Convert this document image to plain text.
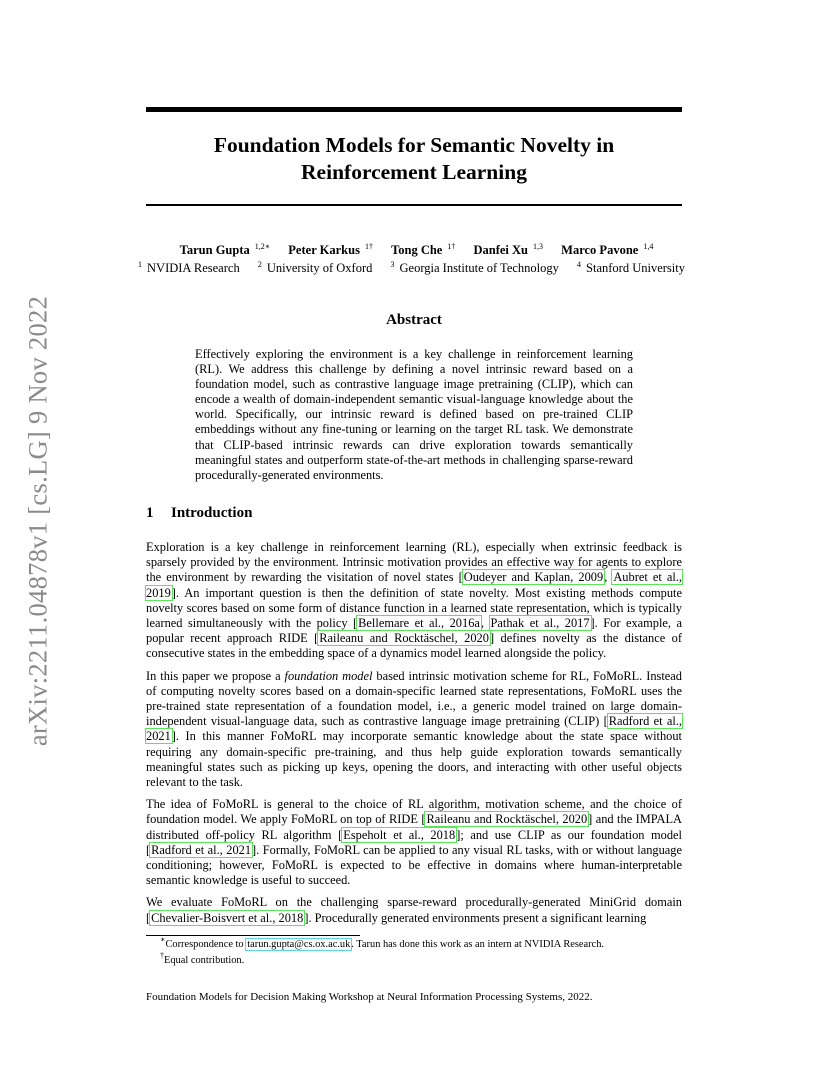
arXiv:2211.04878v1 [cs.LG] 9 Nov 2022
Foundation Models for Semantic Novelty in Reinforcement Learning
Tarun Gupta $^{1,2∗}$ Peter Karkus $^{1\dagger}$ Tong Che $^{1\dagger}$ Danfei Xu $^{1,3}$ Marco Pavone $^{1,4}$
$^1$ NVIDIA Research $^2$ University of Oxford $^3$ Georgia Institute of Technology $^4$ Stanford University
Abstract
Effectively exploring the environment is a key challenge in reinforcement learning (RL). We address this challenge by defining a novel intrinsic reward based on a foundation model, such as contrastive language image pretraining (CLIP), which can encode a wealth of domain-independent semantic visual-language knowledge about the world. Specifically, our intrinsic reward is defined based on pre-trained CLIP embeddings without any fine-tuning or learning on the target RL task. We demonstrate that CLIP-based intrinsic rewards can drive exploration towards semantically meaningful states and outperform state-of-the-art methods in challenging sparse-reward procedurally-generated environments.
1 Introduction

Exploration is a key challenge in reinforcement learning (RL), especially when extrinsic feedback is sparsely provided by the environment. Intrinsic motivation provides an effective way for agents to explore the environment by rewarding the visitation of novel states [Oudeyer and Kaplan, 2009, Aubret et al., 2019]. An important question is then the definition of state novelty. Most existing methods compute novelty scores based on some form of distance function in a learned state representation, which is typically learned simultaneously with the policy [Bellemare et al., 2016a, Pathak et al., 2017]. For example, a popular recent approach RIDE [Raileanu and Rocktäschel, 2020] defines novelty as the distance of consecutive states in the embedding space of a dynamics model learned alongside the policy.

In this paper we propose a foundation model based intrinsic motivation scheme for RL, FoMoRL. Instead of computing novelty scores based on a domain-specific learned state representations, FoMoRL uses the pre-trained state representation of a foundation model, i.e., a generic model trained on large domain-independent visual-language data, such as contrastive language image pretraining (CLIP) [Radford et al., 2021]. In this manner FoMoRL may incorporate semantic knowledge about the state space without requiring any domain-specific pre-training, and thus help guide exploration towards semantically meaningful states such as picking up keys, opening the doors, and interacting with other useful objects relevant to the task.

The idea of FoMoRL is general to the choice of RL algorithm, motivation scheme, and the choice of foundation model. We apply FoMoRL on top of RIDE [Raileanu and Rocktäschel, 2020] and the IMPALA distributed off-policy RL algorithm [Espeholt et al., 2018]; and use CLIP as our foundation model [Radford et al., 2021]. Formally, FoMoRL can be applied to any visual RL tasks, with or without language conditioning; however, FoMoRL is expected to be effective in domains where human-interpretable semantic knowledge is useful to succeed.

We evaluate FoMoRL on the challenging sparse-reward procedurally-generated MiniGrid domain [Chevalier-Boisvert et al., 2018]. Procedurally generated environments present a significant learning

∗Correspondence to tarun.gupta@cs.ox.ac.uk. Tarun has done this work as an intern at NVIDIA Research.
†Equal contribution.
Foundation Models for Decision Making Workshop at Neural Information Processing Systems, 2022.
